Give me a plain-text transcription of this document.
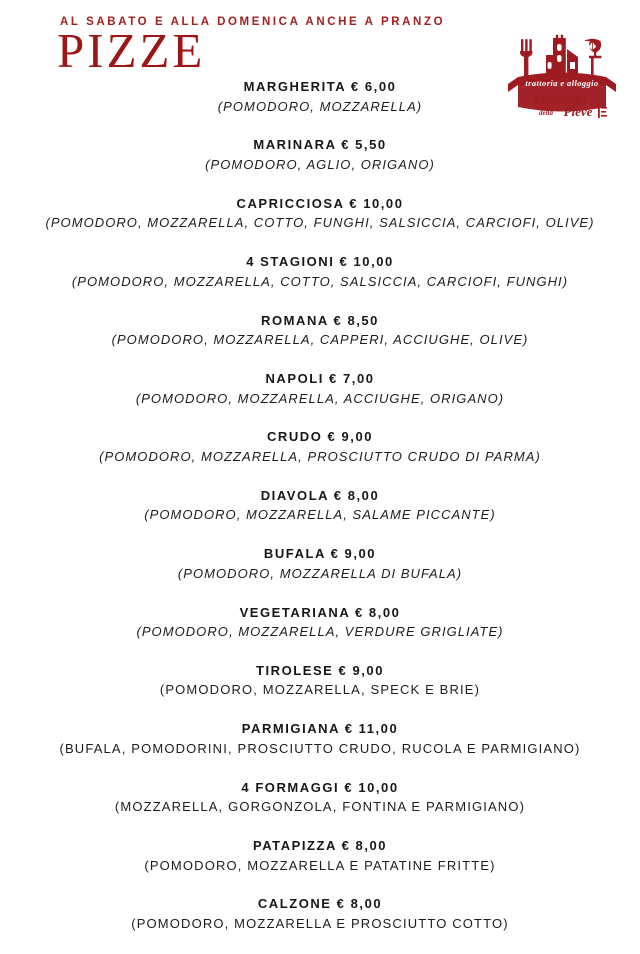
AL SABATO E ALLA DOMENICA ANCHE A PRANZO
PIZZE
trattoria e alloggio
Locanda
della Pieve
MARGHERITA € 6,00
(POMODORO, MOZZARELLA)
MARINARA € 5,50
(POMODORO, AGLIO, ORIGANO)
CAPRICCIOSA € 10,00
(POMODORO, MOZZARELLA, COTTO, FUNGHI, SALSICCIA, CARCIOFI, OLIVE)
4 STAGIONI € 10,00
(POMODORO, MOZZARELLA, COTTO, SALSICCIA, CARCIOFI, FUNGHI)
ROMANA € 8,50
(POMODORO, MOZZARELLA, CAPPERI, ACCIUGHE, OLIVE)
NAPOLI € 7,00
(POMODORO, MOZZARELLA, ACCIUGHE, ORIGANO)
CRUDO € 9,00
(POMODORO, MOZZARELLA, PROSCIUTTO CRUDO DI PARMA)
DIAVOLA € 8,00
(POMODORO, MOZZARELLA, SALAME PICCANTE)
BUFALA € 9,00
(POMODORO, MOZZARELLA DI BUFALA)
VEGETARIANA € 8,00
(POMODORO, MOZZARELLA, VERDURE GRIGLIATE)
TIROLESE € 9,00
(POMODORO, MOZZARELLA, SPECK E BRIE)
PARMIGIANA € 11,00
(BUFALA, POMODORINI, PROSCIUTTO CRUDO, RUCOLA E PARMIGIANO)
4 FORMAGGI € 10,00
(MOZZARELLA, GORGONZOLA, FONTINA E PARMIGIANO)
PATAPIZZA € 8,00
(POMODORO, MOZZARELLA E PATATINE FRITTE)
CALZONE € 8,00
(POMODORO, MOZZARELLA E PROSCIUTTO COTTO)
